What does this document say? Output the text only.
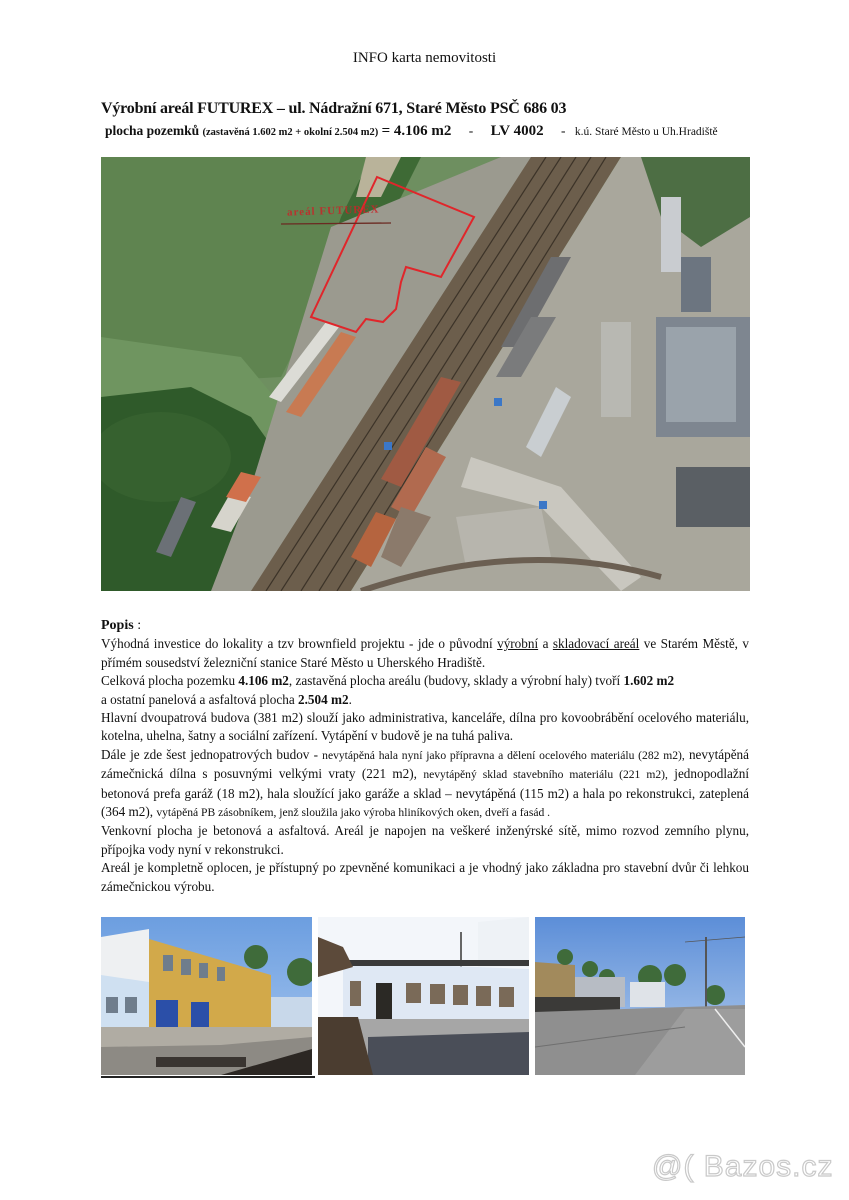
INFO karta nemovitosti
Výrobní areál FUTUREX – ul. Nádražní 671, Staré Město PSČ 686 03
plocha pozemků (zastavěná 1.602 m2 + okolní 2.504 m2) = 4.106 m2 - LV 4002 - k.ú. Staré Město u Uh.Hradiště
areál FUTUREX

Popis :

Výhodná investice do lokality a tzv brownfield projektu - jde o původní výrobní a skladovací areál ve Starém Městě, v přímém sousedství železniční stanice Staré Město u Uherského Hradiště.

Celková plocha pozemku 4.106 m2, zastavěná plocha areálu (budovy, sklady a výrobní haly) tvoří 1.602 m2

a ostatní panelová a asfaltová plocha 2.504 m2.

Hlavní dvoupatrová budova (381 m2) slouží jako administrativa, kanceláře, dílna pro kovoobrábění ocelového materiálu, kotelna, uhelna, šatny a sociální zařízení. Vytápění v budově je na tuhá paliva.

Dále je zde šest jednopatrových budov - nevytápěná hala nyní jako přípravna a dělení ocelového materiálu (282 m2), nevytápěná zámečnická dílna s posuvnými velkými vraty (221 m2), nevytápěný sklad stavebního materiálu (221 m2), jednopodlažní betonová prefa garáž (18 m2), hala sloužící jako garáže a sklad – nevytápěná (115 m2) a hala po rekonstrukci, zateplená (364 m2), vytápěná PB zásobníkem, jenž sloužila jako výroba hliníkových oken, dveří a fasád .

Venkovní plocha je betonová a asfaltová. Areál je napojen na veškeré inženýrské sítě, mimo rozvod zemního plynu, přípojka vody nyní v rekonstrukci.

Areál je kompletně oplocen, je přístupný po zpevněné komunikaci a je vhodný jako základna pro stavební dvůr či lehkou zámečnickou výrobu.

@( Bazos.cz
